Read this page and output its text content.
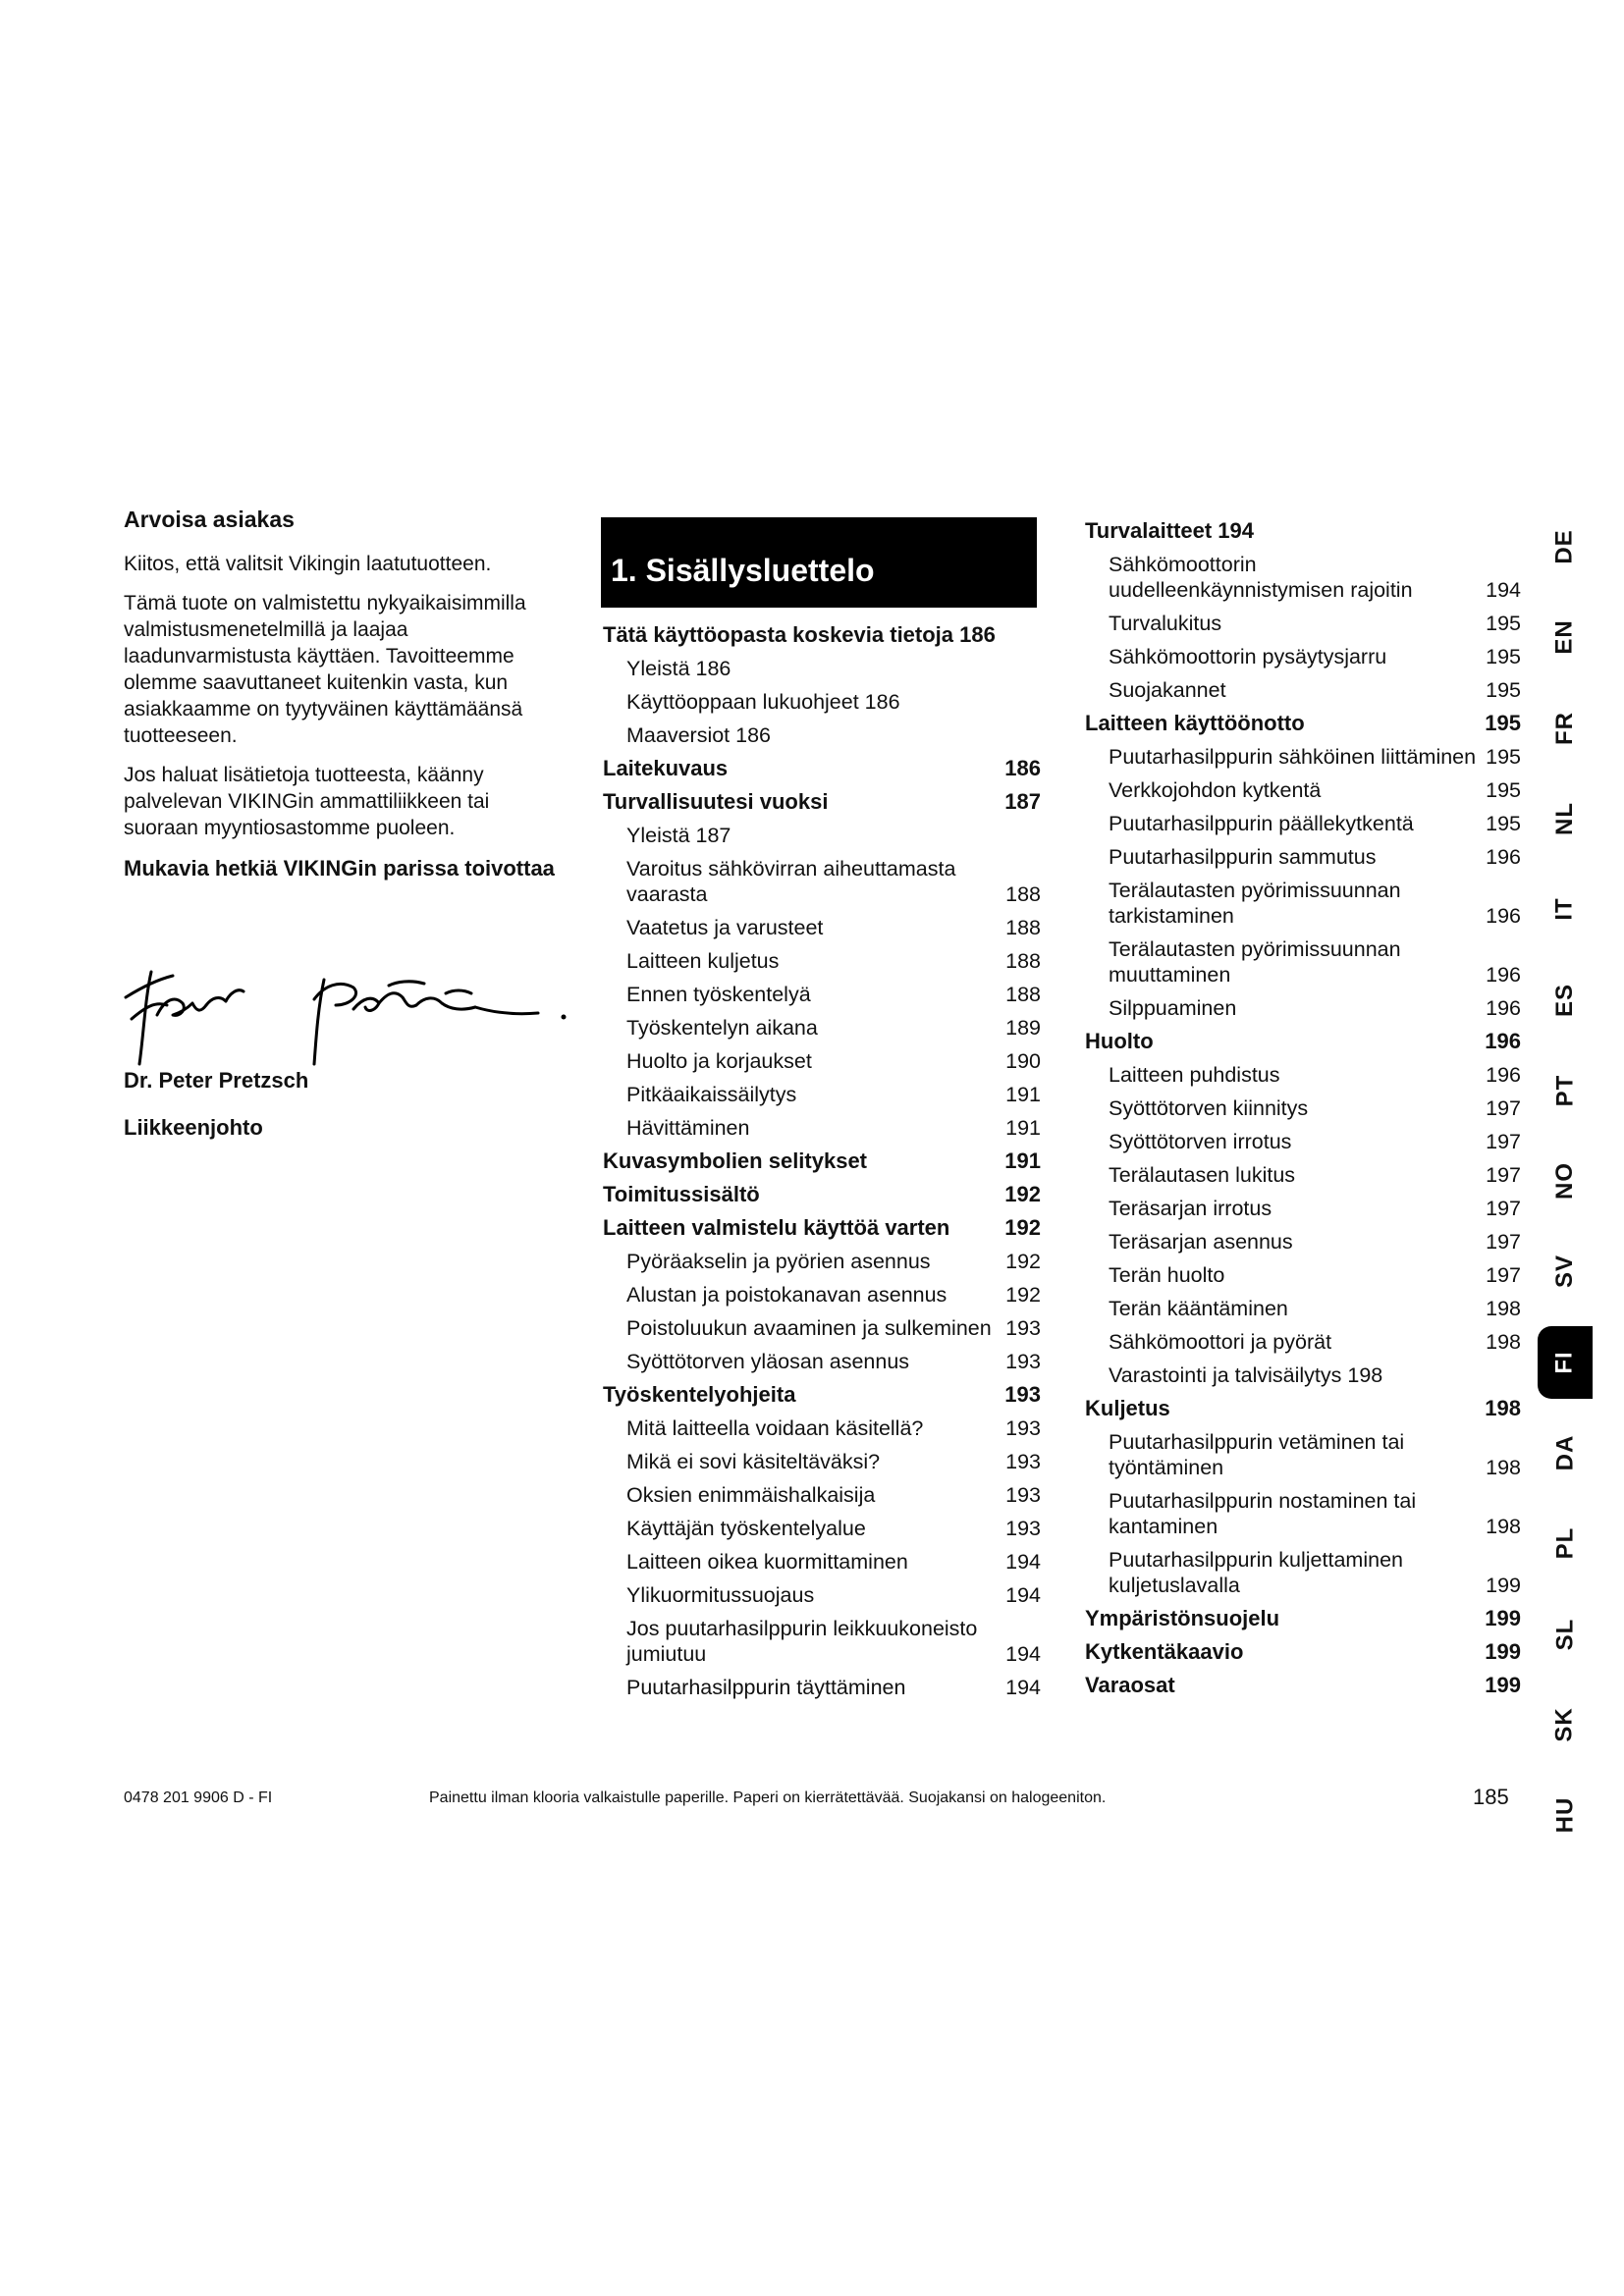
Arvoisa asiakas

Kiitos, että valitsit Vikingin laatutuotteen.

Tämä tuote on valmistettu nykyaikaisimmilla valmistusmenetelmillä ja laajaa laadunvarmistusta käyttäen. Tavoitteemme olemme saavuttaneet kuitenkin vasta, kun asiakkaamme on tyytyväinen käyttämäänsä tuotteeseen.

Jos haluat lisätietoja tuotteesta, käänny palvelevan VIKINGin ammattiliikkeen tai suoraan myyntiosastomme puoleen.

Mukavia hetkiä VIKINGin parissa toivottaa
Dr. Peter Pretzsch
Liikkeenjohto
1. Sisällysluettelo
Tätä käyttöopasta koskevia tietoja 186
Yleistä 186
Käyttöoppaan lukuohjeet 186
Maaversiot 186
Laitekuvaus	186
Turvallisuutesi vuoksi	187
Yleistä 187
Varoitus sähkövirran aiheuttamasta vaarasta	188
Vaatetus ja varusteet	188
Laitteen kuljetus	188
Ennen työskentelyä	188
Työskentelyn aikana	189
Huolto ja korjaukset	190
Pitkäaikaissäilytys	191
Hävittäminen	191
Kuvasymbolien selitykset	191
Toimitussisältö	192
Laitteen valmistelu käyttöä varten	192
Pyöräakselin ja pyörien asennus	192
Alustan ja poistokanavan asennus	192
Poistoluukun avaaminen ja sulkeminen 193
Syöttötorven yläosan asennus	193
Työskentelyohjeita	193
Mitä laitteella voidaan käsitellä?	193
Mikä ei sovi käsiteltäväksi?	193
Oksien enimmäishalkaisija	193
Käyttäjän työskentelyalue	193
Laitteen oikea kuormittaminen	194
Ylikuormitussuojaus	194
Jos puutarhasilppurin leikkuukoneisto jumiutuu	194
Puutarhasilppurin täyttäminen	194
Turvalaitteet 194
Sähkömoottorin uudelleenkäynnistymisen rajoitin	194
Turvalukitus	195
Sähkömoottorin pysäytysjarru	195
Suojakannet	195
Laitteen käyttöönotto	195
Puutarhasilppurin sähköinen liittäminen 195
Verkkojohdon kytkentä	195
Puutarhasilppurin päällekytkentä	195
Puutarhasilppurin sammutus	196
Terälautasten pyörimissuunnan tarkistaminen	196
Terälautasten pyörimissuunnan muuttaminen	196
Silppuaminen	196
Huolto	196
Laitteen puhdistus	196
Syöttötorven kiinnitys	197
Syöttötorven irrotus	197
Terälautasen lukitus	197
Teräsarjan irrotus	197
Teräsarjan asennus	197
Terän huolto	197
Terän kääntäminen	198
Sähkömoottori ja pyörät	198
Varastointi ja talvisäilytys 198
Kuljetus	198
Puutarhasilppurin vetäminen tai työntäminen	198
Puutarhasilppurin nostaminen tai kantaminen	198
Puutarhasilppurin kuljettaminen kuljetuslavalla	199
Ympäristönsuojelu	199
Kytkentäkaavio	199
Varaosat	199
DE
EN
FR
NL
IT
ES
PT
NO
SV
FI
DA
PL
SL
SK
HU
0478 201 9906 D - FI	Painettu ilman klooria valkaistulle paperille. Paperi on kierrätettävää. Suojakansi on halogeeniton.	185
